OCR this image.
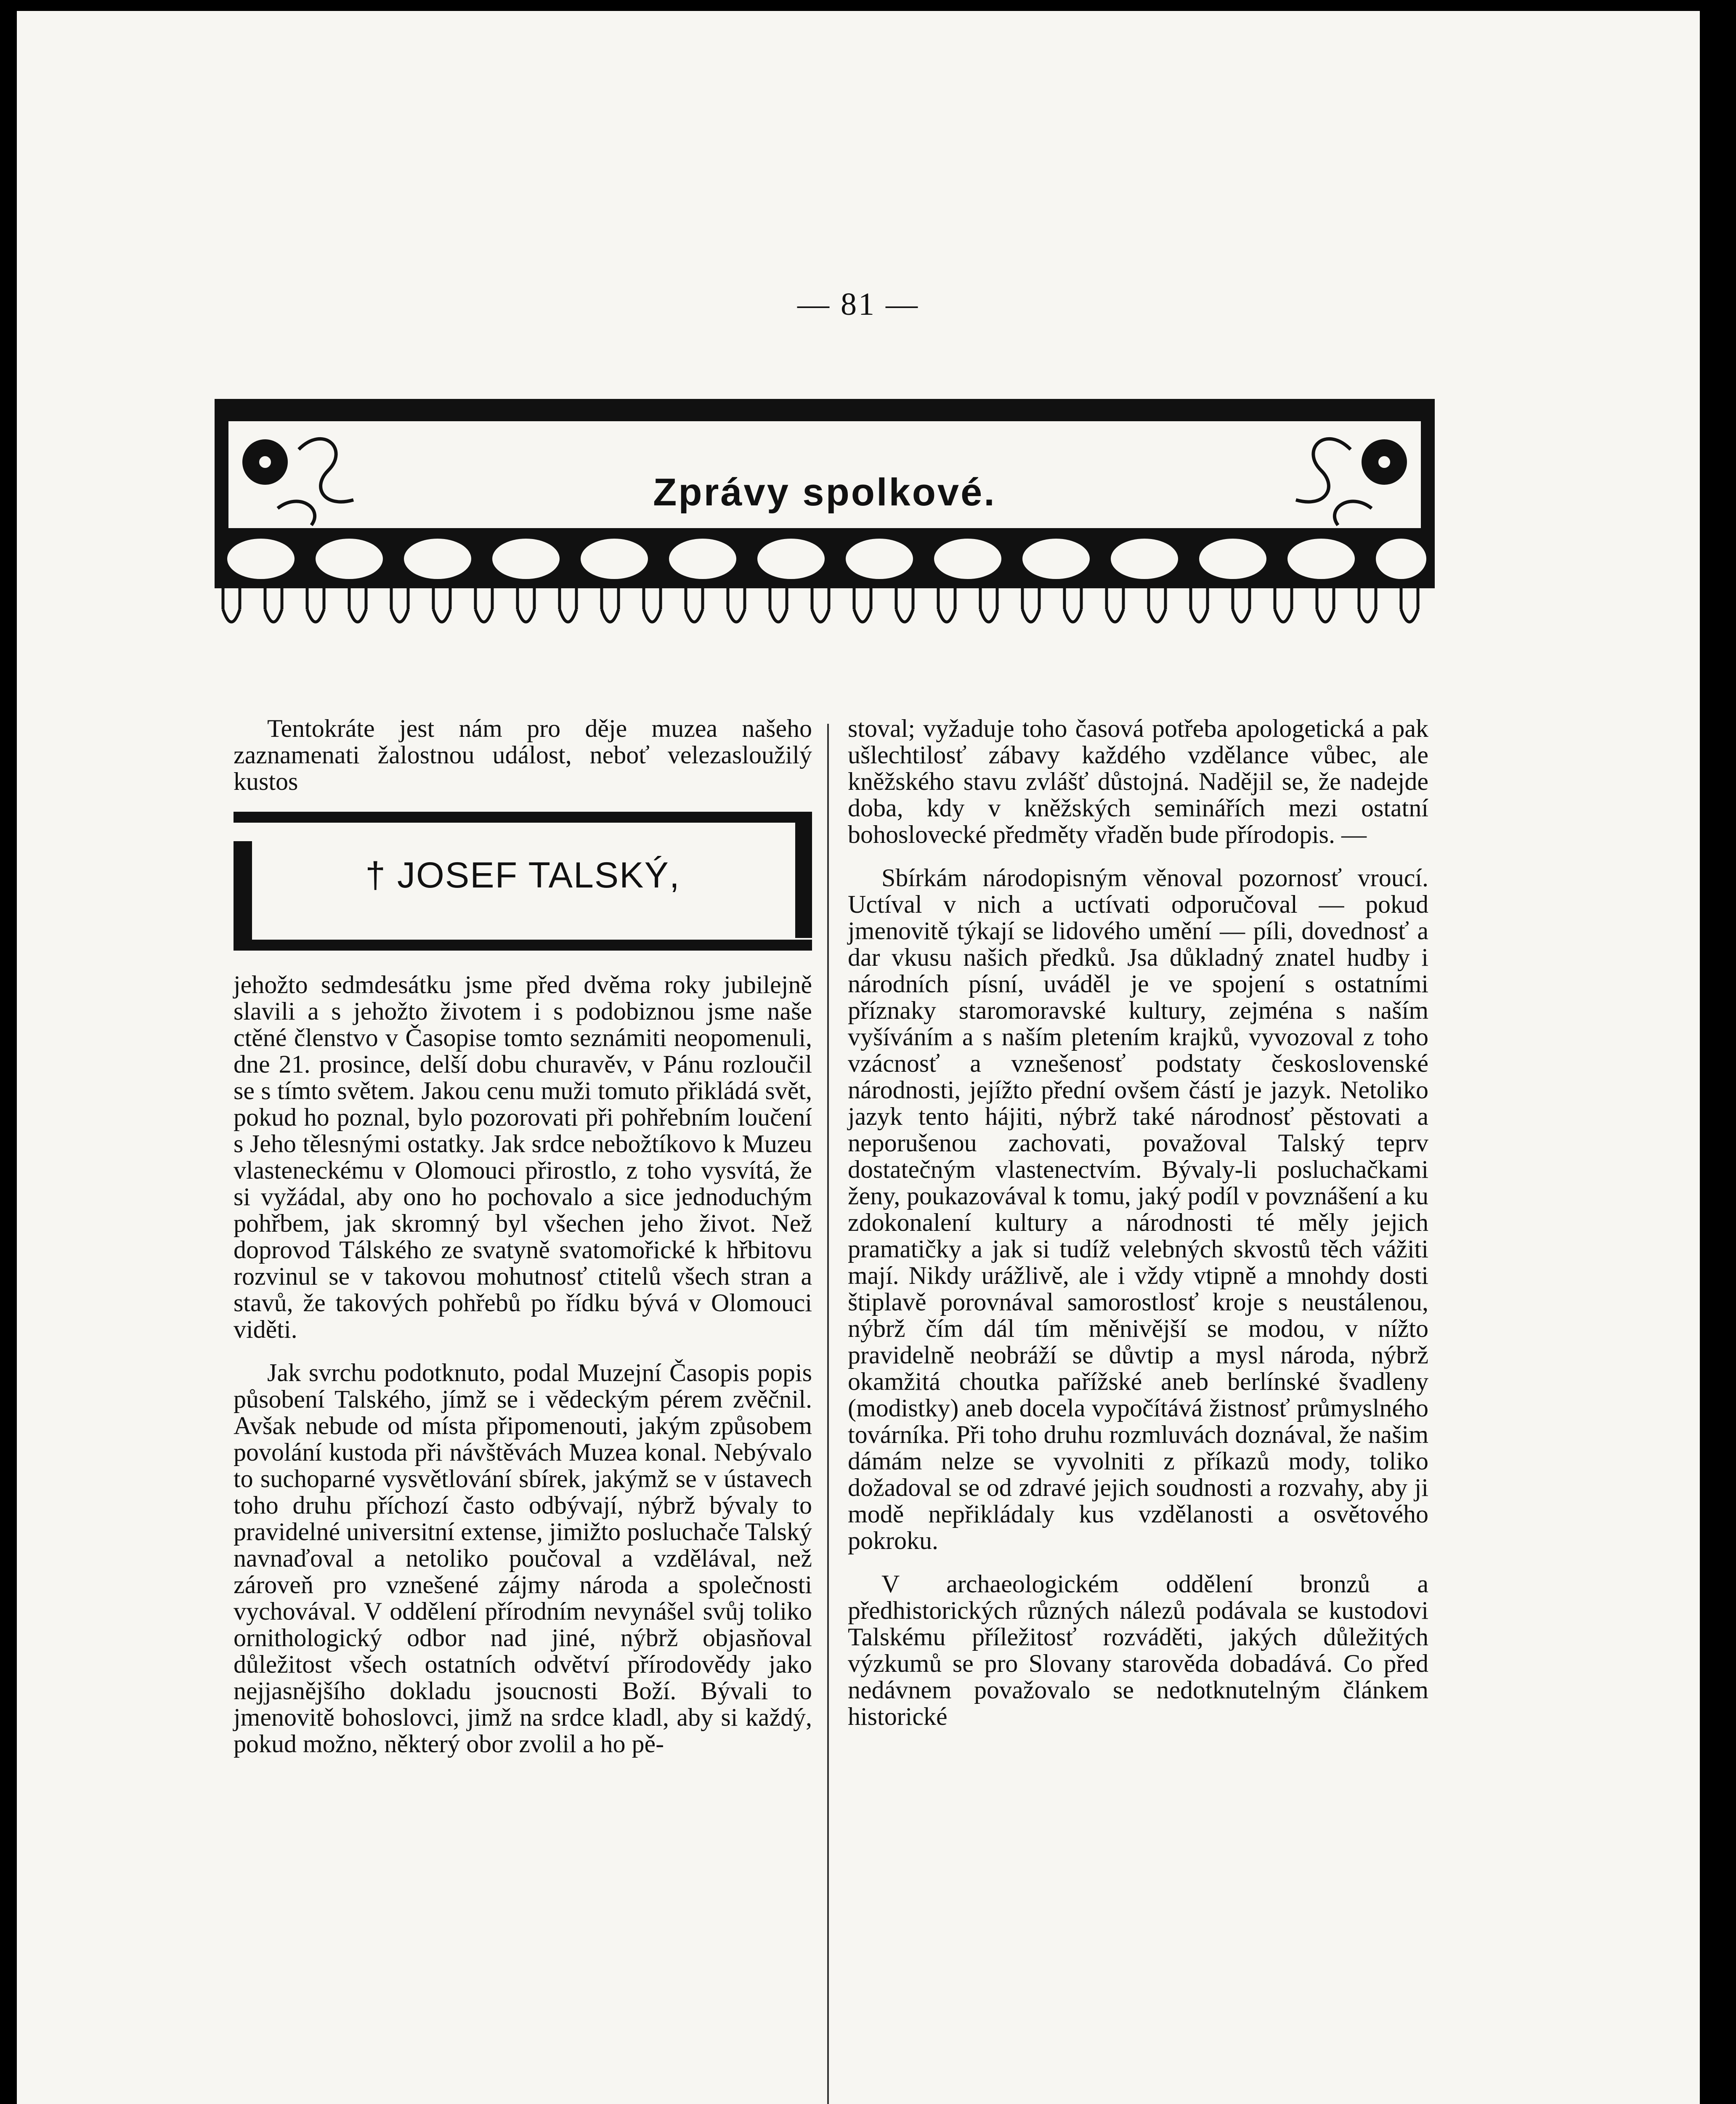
— 81 —
Zprávy spolkové.

Tentokráte jest nám pro děje muzea našeho zaznamenati žalostnou událost, neboť velezasloužilý kustos

† JOSEF TALSKÝ,

jehožto sedmdesátku jsme před dvěma roky jubilejně slavili a s jehožto životem i s podobiznou jsme naše ctěné členstvo v Časopise tomto seznámiti neopomenuli, dne 21. prosince, delší dobu churavěv, v Pánu rozloučil se s tímto světem. Jakou cenu muži tomuto přikládá svět, pokud ho poznal, bylo pozorovati při pohřebním loučení s Jeho tělesnými ostatky. Jak srdce nebožtíkovo k Muzeu vlasteneckému v Olomouci přirostlo, z toho vysvítá, že si vyžádal, aby ono ho pochovalo a sice jednoduchým pohřbem, jak skromný byl všechen jeho život. Než doprovod Tálského ze svatyně svatomořické k hřbitovu rozvinul se v takovou mohutnosť ctitelů všech stran a stavů, že takových pohřebů po řídku bývá v Olomouci viděti.

Jak svrchu podotknuto, podal Muzejní Časopis popis působení Talského, jímž se i vědeckým pérem zvěčnil. Avšak nebude od místa připomenouti, jakým způsobem povolání kustoda při návštěvách Muzea konal. Nebývalo to suchoparné vysvětlování sbírek, jakýmž se v ústavech toho druhu příchozí často odbývají, nýbrž bývaly to pravidelné universitní extense, jimižto posluchače Talský navnaďoval a netoliko poučoval a vzdělával, než zároveň pro vznešené zájmy národa a společnosti vychovával. V oddělení přírodním nevynášel svůj toliko ornithologický odbor nad jiné, nýbrž objasňoval důležitost všech ostatních odvětví přírodovědy jako nejjasnějšího dokladu jsoucnosti Boží. Bývali to jmenovitě bohoslovci, jimž na srdce kladl, aby si každý, pokud možno, některý obor zvolil a ho pě-

stoval; vyžaduje toho časová potřeba apologetická a pak ušlechtilosť zábavy každého vzdělance vůbec, ale kněžského stavu zvlášť důstojná. Nadějil se, že nadejde doba, kdy v kněžských seminářích mezi ostatní bohoslovecké předměty vřaděn bude přírodopis. —

Sbírkám národopisným věnoval pozornosť vroucí. Uctíval v nich a uctívati odporučoval — pokud jmenovitě týkají se lidového umění — píli, dovednosť a dar vkusu našich předků. Jsa důkladný znatel hudby i národních písní, uváděl je ve spojení s ostatními příznaky staromoravské kultury, zejména s naším vyšíváním a s naším pletením krajků, vyvozoval z toho vzácnosť a vznešenosť podstaty československé národnosti, jejížto přední ovšem částí je jazyk. Netoliko jazyk tento hájiti, nýbrž také národnosť pěstovati a neporušenou zachovati, považoval Talský teprv dostatečným vlastenectvím. Bývaly-li posluchačkami ženy, poukazovával k tomu, jaký podíl v povznášení a ku zdokonalení kultury a národnosti té měly jejich pramatičky a jak si tudíž velebných skvostů těch vážiti mají. Nikdy urážlivě, ale i vždy vtipně a mnohdy dosti štiplavě porovnával samorostlosť kroje s neustálenou, nýbrž čím dál tím měnivější se modou, v nížto pravidelně neobráží se důvtip a mysl národa, nýbrž okamžitá choutka pařížské aneb berlínské švadleny (modistky) aneb docela vypočítává žistnosť průmyslného továrníka. Při toho druhu rozmluvách doznával, že našim dámám nelze se vyvolniti z příkazů mody, toliko dožadoval se od zdravé jejich soudnosti a rozvahy, aby ji modě nepřikládaly kus vzdělanosti a osvětového pokroku.

V archaeologickém oddělení bronzů a předhistorických různých nálezů podávala se kustodovi Talskému příležitosť rozváděti, jakých důležitých výzkumů se pro Slovany starověda dobadává. Co před nedávnem považovalo se nedotknutelným článkem historické
